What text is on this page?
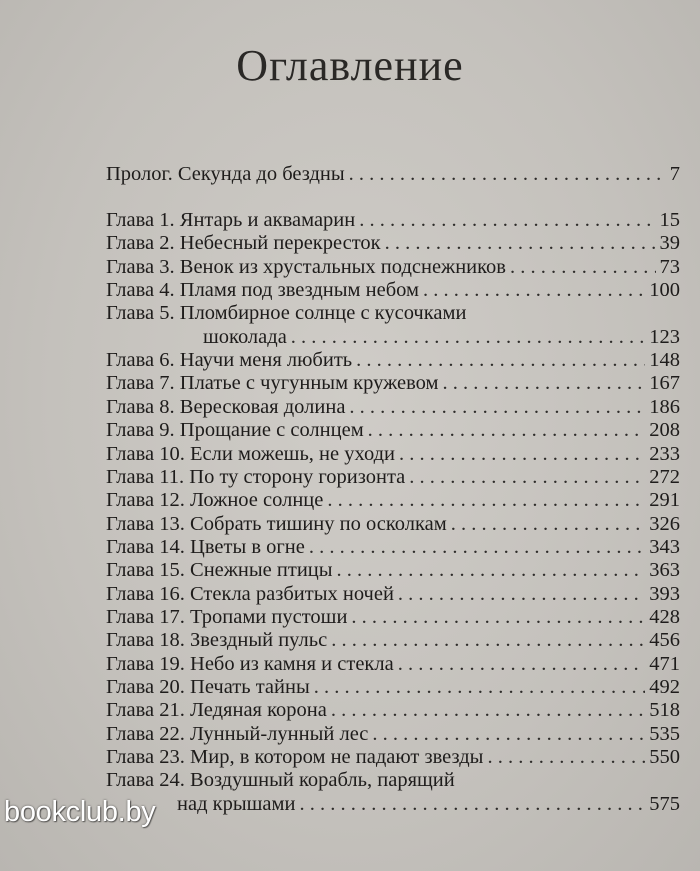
Оглавление
Пролог. Секунда до бездны . . .	7
Глава 1. Янтарь и аквамарин . . .	15
Глава 2. Небесный перекресток . . .	39
Глава 3. Венок из хрустальных подснежников . . .	73
Глава 4. Пламя под звездным небом . . .	100
Глава 5. Пломбирное солнце с кусочками
шоколада . . .	123
Глава 6. Научи меня любить . . .	148
Глава 7. Платье с чугунным кружевом . . .	167
Глава 8. Вересковая долина . . .	186
Глава 9. Прощание с солнцем . . .	208
Глава 10. Если можешь, не уходи . . .	233
Глава 11. По ту сторону горизонта . . .	272
Глава 12. Ложное солнце . . .	291
Глава 13. Собрать тишину по осколкам . . .	326
Глава 14. Цветы в огне . . .	343
Глава 15. Снежные птицы . . .	363
Глава 16. Стекла разбитых ночей . . .	393
Глава 17. Тропами пустоши . . .	428
Глава 18. Звездный пульс . . .	456
Глава 19. Небо из камня и стекла . . .	471
Глава 20. Печать тайны . . .	492
Глава 21. Ледяная корона . . .	518
Глава 22. Лунный-лунный лес . . .	535
Глава 23. Мир, в котором не падают звезды . . .	550
Глава 24. Воздушный корабль, парящий
над крышами . . .	575
bookclub.by
